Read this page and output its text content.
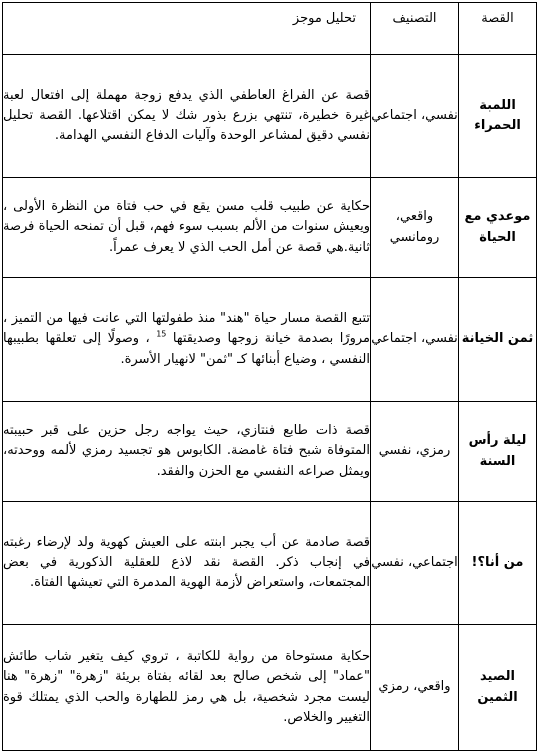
القصة	التصنيف	تحليل موجز
اللمبة الحمراء	نفسي، اجتماعي	قصة عن الفراغ العاطفي الذي يدفع زوجة مهملة إلى افتعال لعبة غيرة خطيرة، تنتهي بزرع بذور شك لا يمكن اقتلاعها. القصة تحليل نفسي دقيق لمشاعر الوحدة وآليات الدفاع النفسي الهدامة.
موعدي مع الحياة	واقعي، رومانسي	حكاية عن طبيب قلب مسن يقع في حب فتاة من النظرة الأولى ، ويعيش سنوات من الألم بسبب سوء فهم، قبل أن تمنحه الحياة فرصة ثانية.هي قصة عن أمل الحب الذي لا يعرف عمراً.
ثمن الخيانة	نفسي، اجتماعي	تتبع القصة مسار حياة "هند" منذ طفولتها التي عانت فيها من التميز ، مرورًا بصدمة خيانة زوجها وصديقتها $^{15}$ ، وصولًا إلى تعلقها بطبيبها النفسي ، وضياع أبنائها كـ "ثمن" لانهيار الأسرة.
ليلة رأس السنة	رمزي، نفسي	قصة ذات طابع فنتازي، حيث يواجه رجل حزين على قبر حبيبته المتوفاة شبح فتاة غامضة. الكابوس هو تجسيد رمزي لألمه ووحدته، ويمثل صراعه النفسي مع الحزن والفقد.
من أنا؟!	اجتماعي، نفسي	قصة صادمة عن أب يجبر ابنته على العيش كهوية ولد لإرضاء رغبته في إنجاب ذكر. القصة نقد لاذع للعقلية الذكورية في بعض المجتمعات، واستعراض لأزمة الهوية المدمرة التي تعيشها الفتاة.
الصيد الثمين	واقعي، رمزي	حكاية مستوحاة من رواية للكاتبة ، تروي كيف يتغير شاب طائش "عماد" إلى شخص صالح بعد لقائه بفتاة بريئة "زهرة" "زهرة" هنا ليست مجرد شخصية، بل هي رمز للطهارة والحب الذي يمتلك قوة التغيير والخلاص.
